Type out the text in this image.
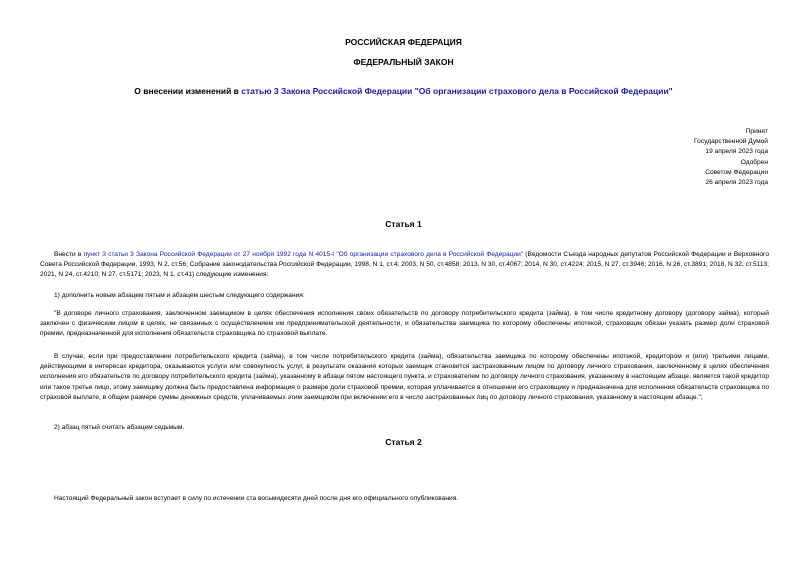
РОССИЙСКАЯ ФЕДЕРАЦИЯ
ФЕДЕРАЛЬНЫЙ ЗАКОН
О внесении изменений в статью 3 Закона Российской Федерации "Об организации страхового дела в Российской Федерации"
Принят
Государственной Думой
19 апреля 2023 года
Одобрен
Советом Федерации
26 апреля 2023 года
Статья 1

Внести в пункт 3 статьи 3 Закона Российской Федерации от 27 ноября 1992 года N 4015-I "Об организации страхового дела в Российской Федерации" (Ведомости Съезда народных депутатов Российской Федерации и Верховного Совета Российской Федерации, 1993, N 2, ст.56; Собрание законодательства Российской Федерации, 1998, N 1, ст.4; 2003, N 50, ст.4858; 2013, N 30, ст.4067; 2014, N 30, ст.4224; 2015, N 27, ст.3946; 2016, N 26, ст.3891; 2018, N 32, ст.5113; 2021, N 24, ст.4210; N 27, ст.5171; 2023, N 1, ст.41) следующие изменения:

1) дополнить новым абзацем пятым и абзацем шестым следующего содержания:

"В договоре личного страхования, заключенном заемщиком в целях обеспечения исполнения своих обязательств по договору потребительского кредита (займа), в том числе кредитному договору (договору займа), который заключен с физическим лицом в целях, не связанных с осуществлением им предпринимательской деятельности, и обязательства заемщика по которому обеспечены ипотекой, страховщик обязан указать размер доли страховой премии, предназначенной для исполнения обязательств страховщика по страховой выплате.

В случае, если при предоставлении потребительского кредита (займа), в том числе потребительского кредита (займа), обязательства заемщика по которому обеспечены ипотекой, кредитором и (или) третьими лицами, действующими в интересах кредитора, оказываются услуги или совокупность услуг, в результате оказания которых заемщик становится застрахованным лицом по договору личного страхования, заключенному в целях обеспечения исполнения его обязательств по договору потребительского кредита (займа), указанному в абзаце пятом настоящего пункта, и страхователем по договору личного страхования, указанному в настоящем абзаце, является такой кредитор или такое третье лицо, этому заемщику должна быть предоставлена информация о размере доли страховой премии, которая уплачивается в отношении его страховщику и предназначена для исполнения обязательств страховщика по страховой выплате, в общем размере суммы денежных средств, уплачиваемых этим заемщиком при включении его в число застрахованных лиц по договору личного страхования, указанному в настоящем абзаце.";

2) абзац пятый считать абзацем седьмым.

Статья 2

Настоящий Федеральный закон вступает в силу по истечении ста восьмидесяти дней после дня его официального опубликования.
